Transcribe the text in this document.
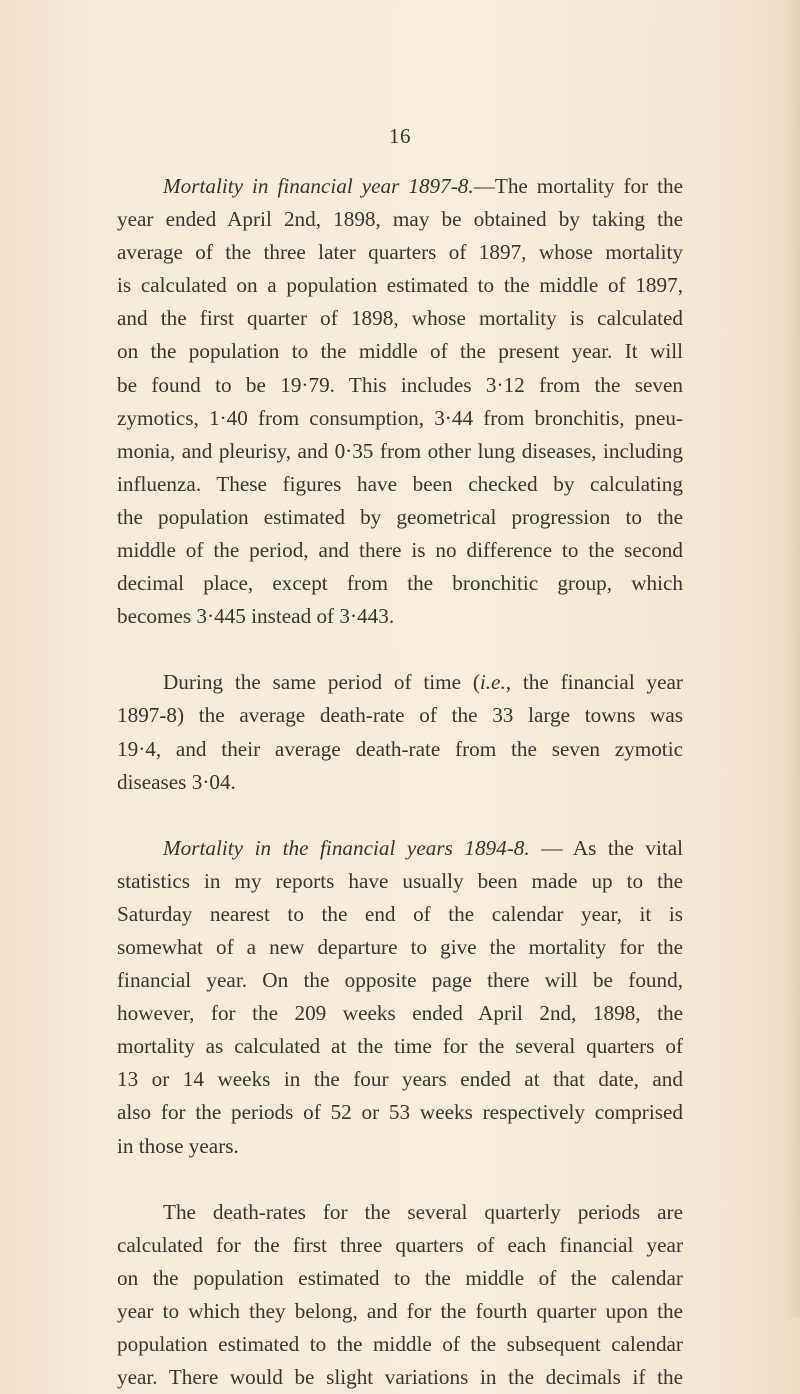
16
Mortality in financial year 1897-8.—The mortality for the
year ended April 2nd, 1898, may be obtained by taking the
average of the three later quarters of 1897, whose mortality
is calculated on a population estimated to the middle of 1897,
and the first quarter of 1898, whose mortality is calculated
on the population to the middle of the present year. It will
be found to be 19·79. This includes 3·12 from the seven
zymotics, 1·40 from consumption, 3·44 from bronchitis, pneu-
monia, and pleurisy, and 0·35 from other lung diseases, including
influenza. These figures have been checked by calculating
the population estimated by geometrical progression to the
middle of the period, and there is no difference to the second
decimal place, except from the bronchitic group, which
becomes 3·445 instead of 3·443.
During the same period of time (i.e., the financial year
1897-8) the average death-rate of the 33 large towns was
19·4, and their average death-rate from the seven zymotic
diseases 3·04.
Mortality in the financial years 1894-8. — As the vital
statistics in my reports have usually been made up to the
Saturday nearest to the end of the calendar year, it is
somewhat of a new departure to give the mortality for the
financial year. On the opposite page there will be found,
however, for the 209 weeks ended April 2nd, 1898, the
mortality as calculated at the time for the several quarters of
13 or 14 weeks in the four years ended at that date, and
also for the periods of 52 or 53 weeks respectively comprised
in those years.
The death-rates for the several quarterly periods are
calculated for the first three quarters of each financial year
on the population estimated to the middle of the calendar
year to which they belong, and for the fourth quarter upon the
population estimated to the middle of the subsequent calendar
year. There would be slight variations in the decimals if the
